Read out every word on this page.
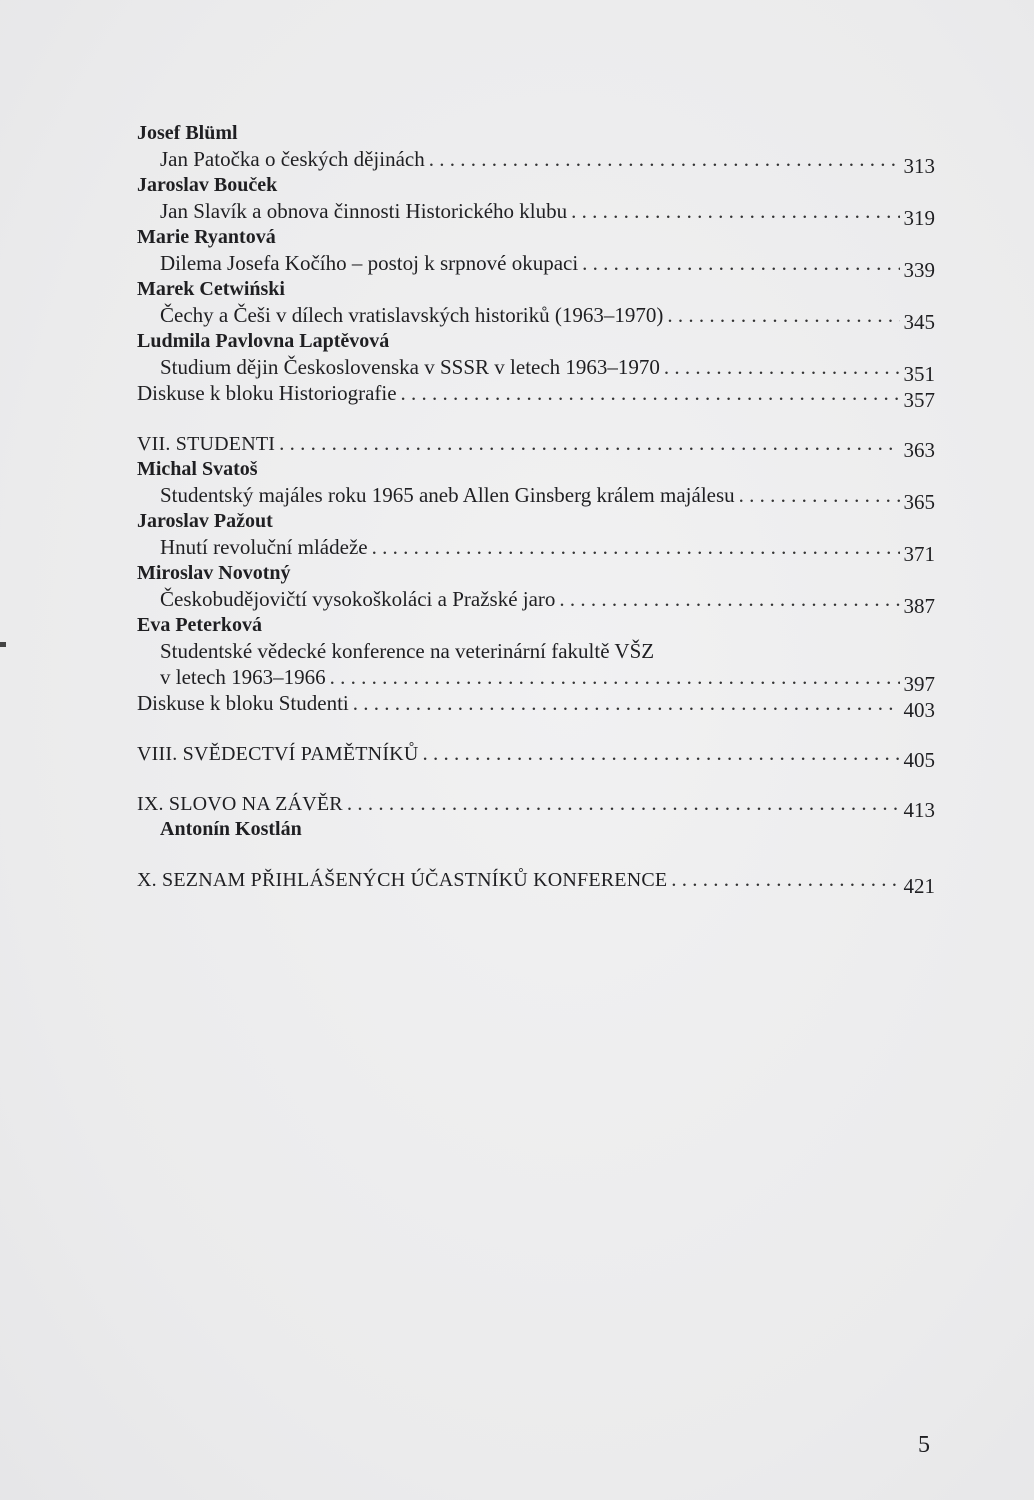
Josef Blüml
Jan Patočka o českých dějinách . . .	313
Jaroslav Bouček
Jan Slavík a obnova činnosti Historického klubu . . .	319
Marie Ryantová
Dilema Josefa Kočího – postoj k srpnové okupaci . . .	339
Marek Cetwiński
Čechy a Češi v dílech vratislavských historiků (1963–1970) . . .	345
Ludmila Pavlovna Laptěvová
Studium dějin Československa v SSSR v letech 1963–1970 . . .	351
Diskuse k bloku Historiografie . . .	357
VII. STUDENTI . . .	363
Michal Svatoš
Studentský majáles roku 1965 aneb Allen Ginsberg králem majálesu . . .	365
Jaroslav Pažout
Hnutí revoluční mládeže . . .	371
Miroslav Novotný
Českobudějovičtí vysokoškoláci a Pražské jaro . . .	387
Eva Peterková
Studentské vědecké konference na veterinární fakultě VŠZ
v letech 1963–1966 . . .	397
Diskuse k bloku Studenti . . .	403
VIII. SVĚDECTVÍ PAMĚTNÍKŮ . . .	405
IX. SLOVO NA ZÁVĚR . . .	413
Antonín Kostlán
X. SEZNAM PŘIHLÁŠENÝCH ÚČASTNÍKŮ KONFERENCE . . .	421
5
